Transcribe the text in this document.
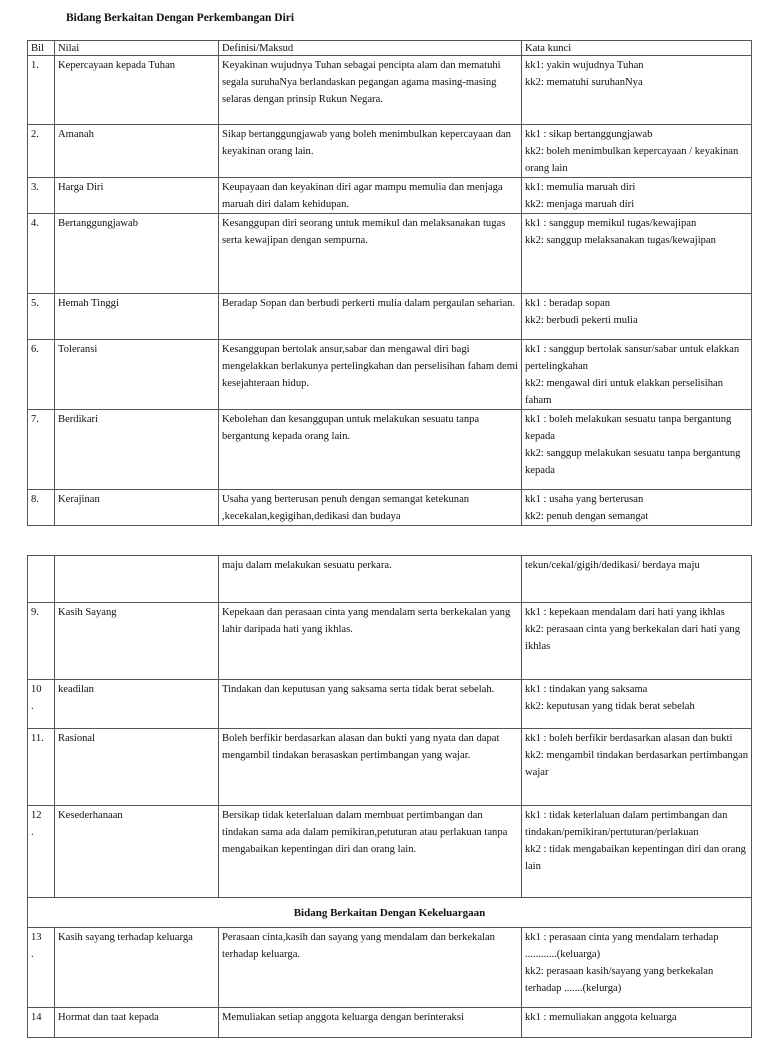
Bidang Berkaitan Dengan Perkembangan Diri
Bil	Nilai	Definisi/Maksud	Kata kunci
1.	Kepercayaan kepada Tuhan	Keyakinan wujudnya Tuhan sebagai pencipta alam dan mematuhi segala suruhaNya berlandaskan pegangan agama masing-masing selaras dengan prinsip Rukun Negara.	kk1: yakin wujudnya Tuhan
kk2: mematuhi suruhanNya

2.	Amanah	Sikap bertanggungjawab yang boleh menimbulkan kepercayaan dan keyakinan orang lain.	kk1 : sikap bertanggungjawab
kk2: boleh menimbulkan kepercayaan / keyakinan orang lain

3.	Harga Diri	Keupayaan dan keyakinan diri agar mampu memulia dan menjaga maruah diri dalam kehidupan.	kk1: memulia maruah diri
kk2: menjaga maruah diri

4.	Bertanggungjawab	Kesanggupan diri seorang untuk memikul dan melaksanakan tugas serta kewajipan dengan sempurna.	kk1 : sanggup memikul tugas/kewajipan
kk2: sanggup melaksanakan tugas/kewajipan

5.	Hemah Tinggi	Beradap Sopan dan berbudi perkerti mulia dalam pergaulan seharian.	kk1 : beradap sopan
kk2: berbudi pekerti mulia

6.	Toleransi	Kesanggupan bertolak ansur,sabar dan mengawal diri bagi mengelakkan berlakunya pertelingkahan dan perselisihan faham demi kesejahteraan hidup.	kk1 : sanggup bertolak sansur/sabar untuk elakkan pertelingkahan
kk2: mengawal diri untuk elakkan perselisihan faham

7.	Berdikari	Kebolehan dan kesanggupan untuk melakukan sesuatu tanpa bergantung kepada orang lain.	kk1 : boleh melakukan sesuatu tanpa bergantung kepada
kk2: sanggup melakukan sesuatu tanpa bergantung kepada

8.	Kerajinan	Usaha yang berterusan penuh dengan semangat ketekunan ,kecekalan,kegigihan,dedikasi dan budaya	kk1 : usaha yang berterusan
kk2: penuh dengan semangat
		maju dalam melakukan sesuatu perkara.	tekun/cekal/gigih/dedikasi/ berdaya maju

9.	Kasih Sayang	Kepekaan dan perasaan cinta yang mendalam serta berkekalan yang lahir daripada hati yang ikhlas.	kk1 : kepekaan mendalam dari hati yang ikhlas
kk2: perasaan cinta yang berkekalan dari hati yang ikhlas

10
.	keadilan	Tindakan dan keputusan yang saksama serta tidak berat sebelah.	kk1 : tindakan yang saksama
kk2: keputusan yang tidak berat sebelah

11.	Rasional	Boleh berfikir berdasarkan alasan dan bukti yang nyata dan dapat mengambil tindakan berasaskan pertimbangan yang wajar.	kk1 : boleh berfikir berdasarkan alasan dan bukti
kk2: mengambil tindakan berdasarkan pertimbangan wajar

12
.	Kesederhanaan	Bersikap tidak keterlaluan dalam membuat pertimbangan dan tindakan sama ada dalam pemikiran,petuturan atau perlakuan tanpa mengabaikan kepentingan diri dan orang lain.	kk1 : tidak keterlaluan dalam pertimbangan dan tindakan/pemikiran/pertuturan/perlakuan
kk2 : tidak mengabaikan kepentingan diri dan orang lain

Bidang Berkaitan Dengan Kekeluargaan			

13
.	Kasih sayang terhadap keluarga	Perasaan cinta,kasih dan sayang yang mendalam dan berkekalan terhadap keluarga.	kk1 : perasaan cinta yang mendalam terhadap ............(keluarga)
kk2: perasaan kasih/sayang yang berkekalan terhadap .......(kelurga)

14	Hormat dan taat kepada	Memuliakan setiap anggota keluarga dengan berinteraksi	kk1 : memuliakan anggota keluarga
